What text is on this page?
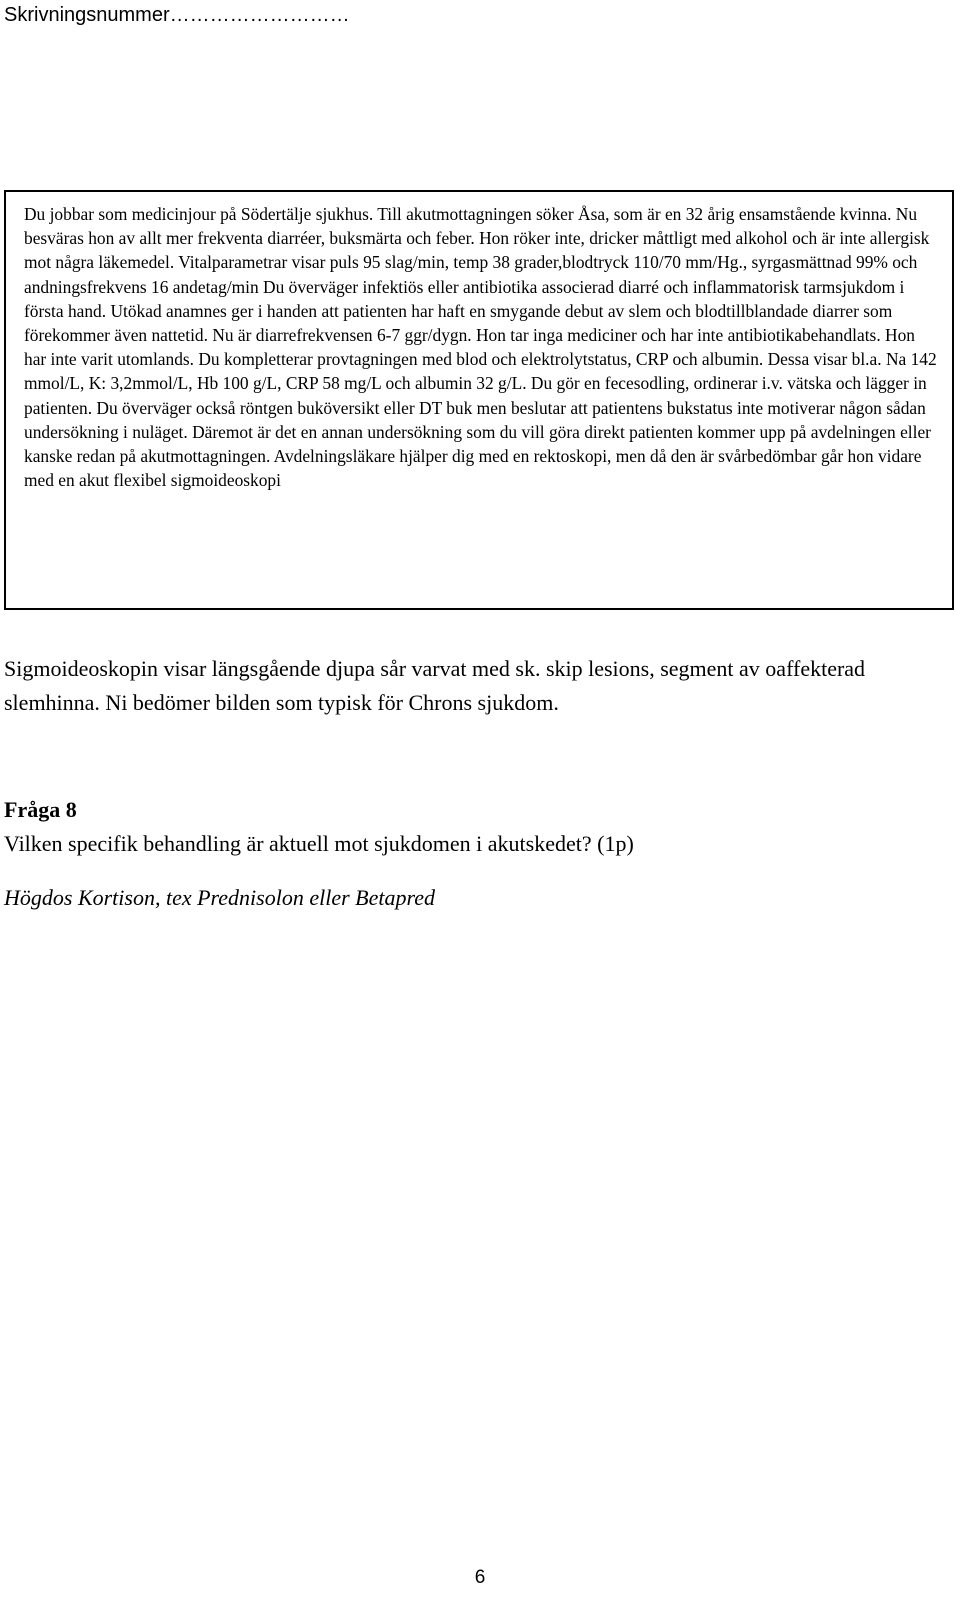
Skrivningsnummer………………………
Du jobbar som medicinjour på Södertälje sjukhus. Till akutmottagningen söker Åsa, som är en 32 årig ensamstående kvinna. Nu besväras hon av allt mer frekventa diarréer, buksmärta och feber. Hon röker inte, dricker måttligt med alkohol och är inte allergisk mot några läkemedel. Vitalparametrar visar puls 95 slag/min, temp 38 grader,blodtryck 110/70 mm/Hg., syrgasmättnad 99% och andningsfrekvens 16 andetag/min Du överväger infektiös eller antibiotika associerad diarré och inflammatorisk tarmsjukdom i första hand. Utökad anamnes ger i handen att patienten har haft en smygande debut av slem och blodtillblandade diarrer som förekommer även nattetid. Nu är diarrefrekvensen 6-7 ggr/dygn. Hon tar inga mediciner och har inte antibiotikabehandlats. Hon har inte varit utomlands. Du kompletterar provtagningen med blod och elektrolytstatus, CRP och albumin. Dessa visar bl.a. Na 142 mmol/L, K: 3,2mmol/L, Hb 100 g/L, CRP 58 mg/L och albumin 32 g/L. Du gör en fecesodling, ordinerar i.v. vätska och lägger in patienten. Du överväger också röntgen buköversikt eller DT buk men beslutar att patientens bukstatus inte motiverar någon sådan undersökning i nuläget. Däremot är det en annan undersökning som du vill göra direkt patienten kommer upp på avdelningen eller kanske redan på akutmottagningen. Avdelningsläkare hjälper dig med en rektoskopi, men då den är svårbedömbar går hon vidare med en akut flexibel sigmoideoskopi
Sigmoideoskopin visar längsgående djupa sår varvat med sk. skip lesions, segment av oaffekterad slemhinna. Ni bedömer bilden som typisk för Chrons sjukdom.
Fråga 8
Vilken specifik behandling är aktuell mot sjukdomen i akutskedet? (1p)
Högdos Kortison, tex Prednisolon eller Betapred
6
